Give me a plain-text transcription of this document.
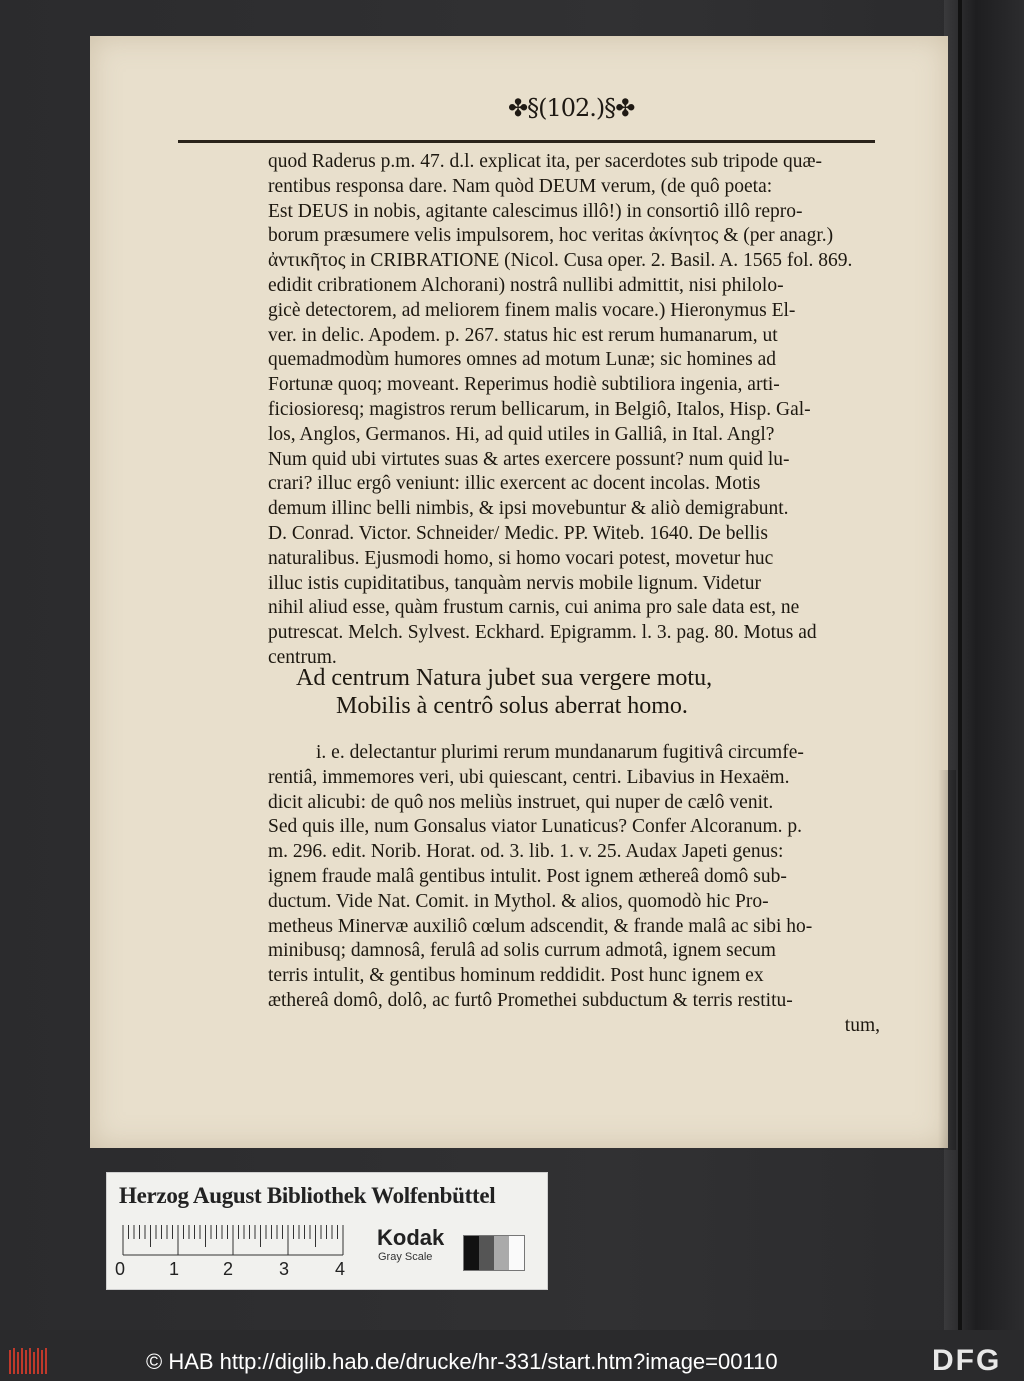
✤§(102.)§✤
quod Raderus p.m. 47. d.l. explicat ita, per sacerdotes sub tripode quæ-
rentibus responsa dare. Nam quòd DEUM verum, (de quô poeta:
Est DEUS in nobis, agitante calescimus illô!) in consortiô illô repro-
borum præsumere velis impulsorem, hoc veritas ἀκίνητος & (per anagr.)
ἀντικῆτος in CRIBRATIONE (Nicol. Cusa oper. 2. Basil. A. 1565 fol. 869.
edidit cribrationem Alchorani) nostrâ nullibi admittit, nisi philolo-
gicè detectorem, ad meliorem finem malis vocare.) Hieronymus El-
ver. in delic. Apodem. p. 267. status hic est rerum humanarum, ut
quemadmodùm humores omnes ad motum Lunæ; sic homines ad
Fortunæ quoq; moveant. Reperimus hodiè subtiliora ingenia, arti-
ficiosioresq; magistros rerum bellicarum, in Belgiô, Italos, Hisp. Gal-
los, Anglos, Germanos. Hi, ad quid utiles in Galliâ, in Ital. Angl?
Num quid ubi virtutes suas & artes exercere possunt? num quid lu-
crari? illuc ergô veniunt: illic exercent ac docent incolas. Motis
demum illinc belli nimbis, & ipsi movebuntur & aliò demigrabunt.
D. Conrad. Victor. Schneider/ Medic. PP. Witeb. 1640. De bellis
naturalibus. Ejusmodi homo, si homo vocari potest, movetur huc
illuc istis cupiditatibus, tanquàm nervis mobile lignum. Videtur
nihil aliud esse, quàm frustum carnis, cui anima pro sale data est, ne
putrescat. Melch. Sylvest. Eckhard. Epigramm. l. 3. pag. 80. Motus ad
centrum.
Ad centrum Natura jubet sua vergere motu,
Mobilis à centrô solus aberrat homo.
i. e. delectantur plurimi rerum mundanarum fugitivâ circumfe-
rentiâ, immemores veri, ubi quiescant, centri. Libavius in Hexaëm.
dicit alicubi: de quô nos meliùs instruet, qui nuper de cælô venit.
Sed quis ille, num Gonsalus viator Lunaticus? Confer Alcoranum. p.
m. 296. edit. Norib. Horat. od. 3. lib. 1. v. 25. Audax Japeti genus:
ignem fraude malâ gentibus intulit. Post ignem æthereâ domô sub-
ductum. Vide Nat. Comit. in Mythol. & alios, quomodò hic Pro-
metheus Minervæ auxiliô cœlum adscendit, & frande malâ ac sibi ho-
minibusq; damnosâ, ferulâ ad solis currum admotâ, ignem secum
terris intulit, & gentibus hominum reddidit. Post hunc ignem ex
æthereâ domô, dolô, ac furtô Promethei subductum & terris restitu-
tum,
Herzog August Bibliothek Wolfenbüttel
0 1 2	3	4
Kodak
Gray Scale
© HAB http://diglib.hab.de/drucke/hr-331/start.htm?image=00110	DFG
